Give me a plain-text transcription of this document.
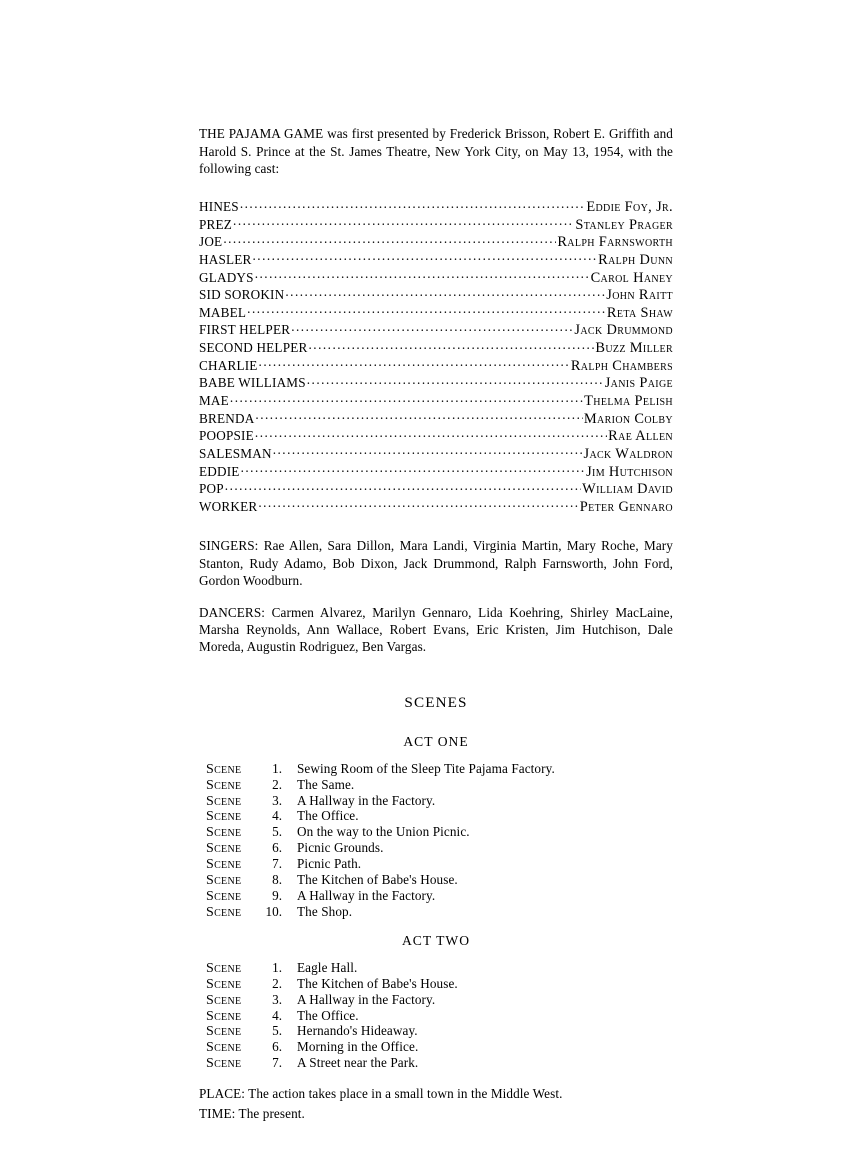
THE PAJAMA GAME was first presented by Frederick Brisson, Robert E. Griffith and Harold S. Prince at the St. James Theatre, New York City, on May 13, 1954, with the following cast:

HINES . . .	Eddie Foy, Jr.
PREZ . . .	Stanley Prager
JOE . . .	Ralph Farnsworth
HASLER . . .	Ralph Dunn
GLADYS . . .	Carol Haney
SID SOROKIN . . .	John Raitt
MABEL . . .	Reta Shaw
FIRST HELPER . . .	Jack Drummond
SECOND HELPER . . .	Buzz Miller
CHARLIE . . .	Ralph Chambers
BABE WILLIAMS . . .	Janis Paige
MAE . . .	Thelma Pelish
BRENDA . . .	Marion Colby
POOPSIE . . .	Rae Allen
SALESMAN . . .	Jack Waldron
EDDIE . . .	Jim Hutchison
POP . . .	William David
WORKER . . .	Peter Gennaro

SINGERS: Rae Allen, Sara Dillon, Mara Landi, Virginia Martin, Mary Roche, Mary Stanton, Rudy Adamo, Bob Dixon, Jack Drummond, Ralph Farnsworth, John Ford, Gordon Woodburn.

DANCERS: Carmen Alvarez, Marilyn Gennaro, Lida Koehring, Shirley MacLaine, Marsha Reynolds, Ann Wallace, Robert Evans, Eric Kristen, Jim Hutchison, Dale Moreda, Augustin Rodriguez, Ben Vargas.

SCENES
ACT ONE
Scene	1.	Sewing Room of the Sleep Tite Pajama Factory.
Scene	2.	The Same.
Scene	3.	A Hallway in the Factory.
Scene	4.	The Office.
Scene	5.	On the way to the Union Picnic.
Scene	6.	Picnic Grounds.
Scene	7.	Picnic Path.
Scene	8.	The Kitchen of Babe's House.
Scene	9.	A Hallway in the Factory.
Scene	10.	The Shop.
ACT TWO
Scene	1.	Eagle Hall.
Scene	2.	The Kitchen of Babe's House.
Scene	3.	A Hallway in the Factory.
Scene	4.	The Office.
Scene	5.	Hernando's Hideaway.
Scene	6.	Morning in the Office.
Scene	7.	A Street near the Park.

PLACE: The action takes place in a small town in the Middle West.

TIME: The present.
